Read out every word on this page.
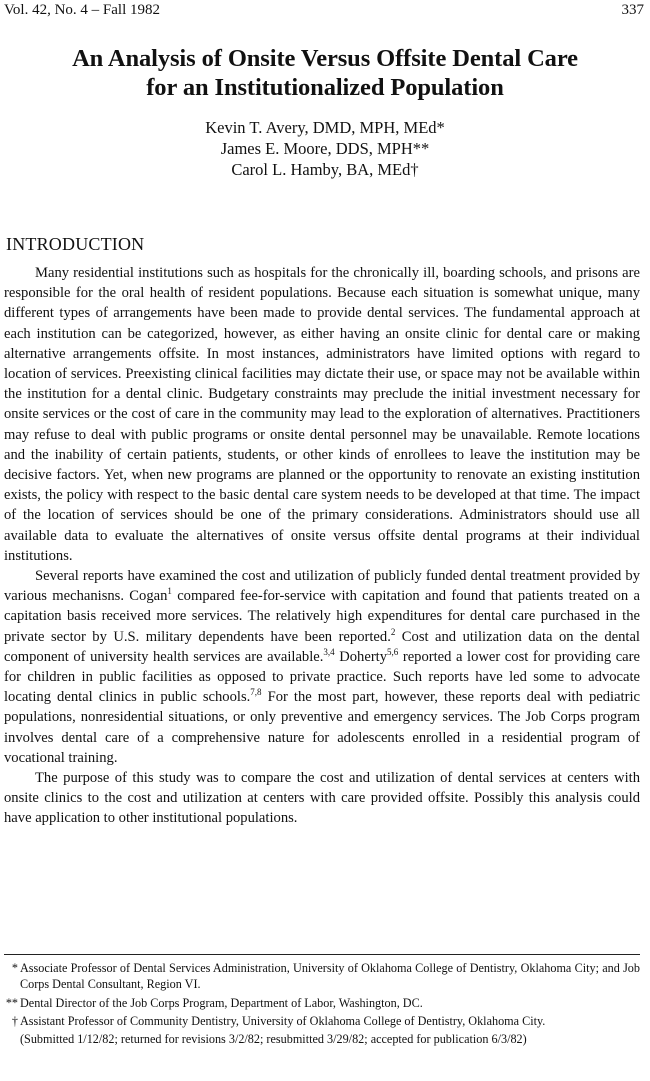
Vol. 42, No. 4 – Fall 1982	337
An Analysis of Onsite Versus Offsite Dental Care
for an Institutionalized Population
Kevin T. Avery, DMD, MPH, MEd*
James E. Moore, DDS, MPH**
Carol L. Hamby, BA, MEd†
INTRODUCTION

Many residential institutions such as hospitals for the chronically ill, boarding schools, and prisons are responsible for the oral health of resident populations. Because each situation is somewhat unique, many different types of arrangements have been made to provide dental services. The fundamental approach at each institution can be categorized, however, as either having an onsite clinic for dental care or making alternative arrangements offsite. In most instances, administrators have limited options with regard to location of services. Preexisting clinical facilities may dictate their use, or space may not be available within the institution for a dental clinic. Budgetary constraints may preclude the initial investment necessary for onsite services or the cost of care in the community may lead to the exploration of alternatives. Practitioners may refuse to deal with public programs or onsite dental personnel may be unavailable. Remote locations and the inability of certain patients, students, or other kinds of enrollees to leave the institution may be decisive factors. Yet, when new programs are planned or the opportunity to renovate an existing institution exists, the policy with respect to the basic dental care system needs to be developed at that time. The impact of the location of services should be one of the primary considerations. Administrators should use all available data to evaluate the alternatives of onsite versus offsite dental programs at their individual institutions.

Several reports have examined the cost and utilization of publicly funded dental treatment provided by various mechanisns. Cogan$^1$ compared fee-for-service with capitation and found that patients treated on a capitation basis received more services. The relatively high expenditures for dental care purchased in the private sector by U.S. military dependents have been reported.$^2$ Cost and utilization data on the dental component of university health services are available.$^{3,4}$ Doherty$^{5,6}$ reported a lower cost for providing care for children in public facilities as opposed to private practice. Such reports have led some to advocate locating dental clinics in public schools.$^{7,8}$ For the most part, however, these reports deal with pediatric populations, nonresidential situations, or only preventive and emergency services. The Job Corps program involves dental care of a comprehensive nature for adolescents enrolled in a residential program of vocational training.

The purpose of this study was to compare the cost and utilization of dental services at centers with onsite clinics to the cost and utilization at centers with care provided offsite. Possibly this analysis could have application to other institutional populations.

* Associate Professor of Dental Services Administration, University of Oklahoma College of Dentistry, Oklahoma City; and Job Corps Dental Consultant, Region VI.
** Dental Director of the Job Corps Program, Department of Labor, Washington, DC.
† Assistant Professor of Community Dentistry, University of Oklahoma College of Dentistry, Oklahoma City.
(Submitted 1/12/82; returned for revisions 3/2/82; resubmitted 3/29/82; accepted for publication 6/3/82)
